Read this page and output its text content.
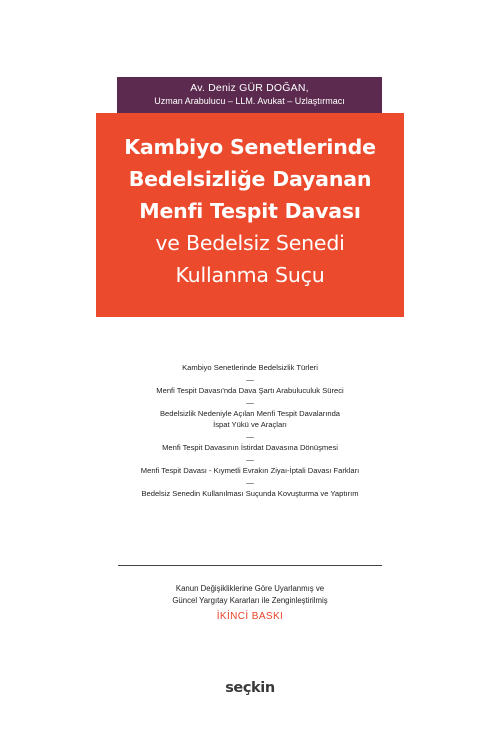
Av. Deniz GÜR DOĞAN,
Uzman Arabulucu – LLM. Avukat – Uzlaştırmacı
Kambiyo Senetlerinde
Bedelsizliğe Dayanan
Menfi Tespit Davası
ve Bedelsiz Senedi
Kullanma Suçu
Kambiyo Senetlerinde Bedelsizlik Türleri
—
Menfi Tespit Davası'nda Dava Şartı Arabuluculuk Süreci
—
Bedelsizlik Nedeniyle Açılan Menfi Tespit Davalarında
İspat Yükü ve Araçları
—
Menfi Tespit Davasının İstirdat Davasına Dönüşmesi
—
Menfi Tespit Davası - Kıymetli Evrakın Ziyaı-İptali Davası Farkları
—
Bedelsiz Senedin Kullanılması Suçunda Kovuşturma ve Yaptırım
Kanun Değişikliklerine Göre Uyarlanmış ve
Güncel Yargıtay Kararları ile Zenginleştirilmiş
İKİNCİ BASKI
seçkin
